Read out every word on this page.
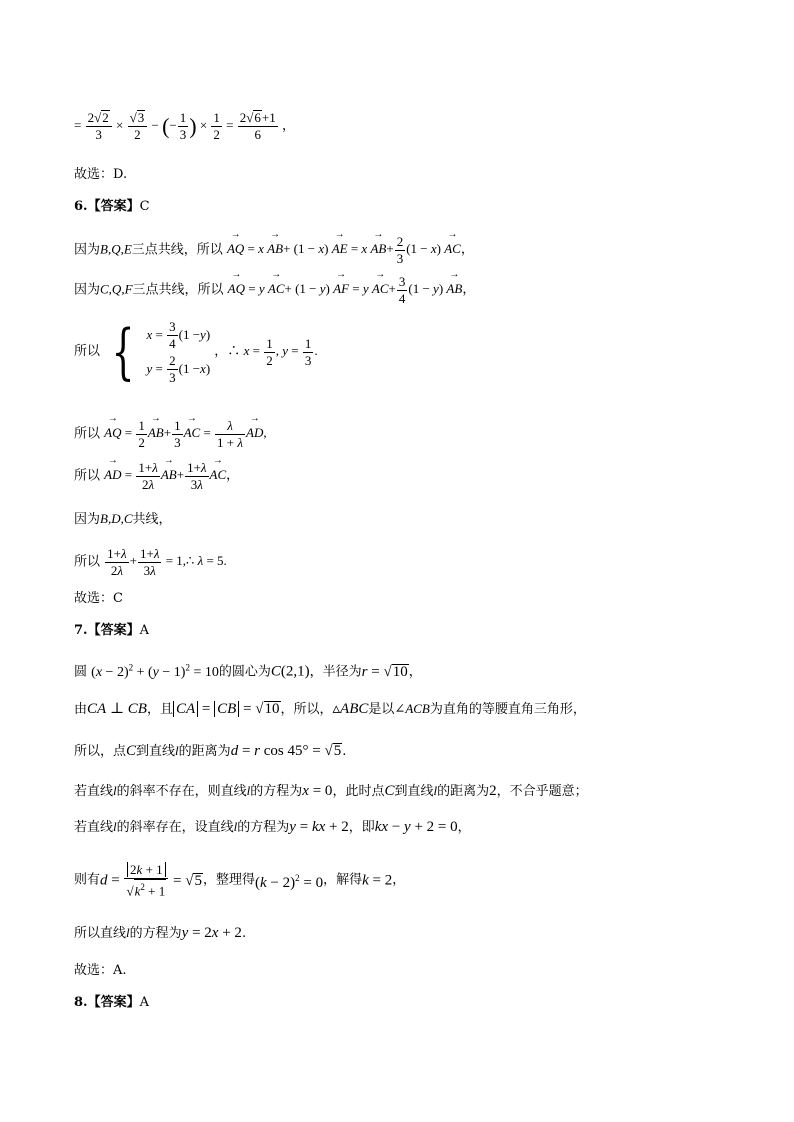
= $\frac{2√2}{3} \times \frac{√3}{2}$ − (− $\frac{1}{3}$ ) × $\frac{1}{2} = \frac{2√6+1}{6}$ ，
故选：D.
6.【答案】C
因为B,Q,E三点共线，所以 → AQ = x → AB+ (1 − x) → AE = $x \to AB+ \frac{2}{3} (1 - x)$ → AC，
因为C,Q,F三点共线，所以 → AQ = y → AC+ (1 − y) → AF = $y \to AC+ \frac{3}{4} (1 - y)$ → AB，
所以 { $x = \frac{3}{4} (1 - y$ )
$y = \frac{2}{3} (1 - x$ )
，∴ $x = \frac{1}{2}$ , $y = \frac{1}{3}$ .
所以 → AQ = $\frac{1}{2}$
→ $AB+ \frac{1}{3}$
→ AC = $\frac{\lambda}{1 + \lambda}$
→ AD,
所以 → AD = $\frac{1+\lambda}{2\lambda}$
→ $AB+ \frac{1+\lambda}{3\lambda}$
→ AC，
因为B,D,C共线，
所以 $\frac{1+\lambda}{2\lambda} + \frac{1+\lambda}{3\lambda}$ = 1,∴ λ = 5.
故选：C
7.【答案】A
圆 $(x - 2)^2 + (y - 1)^2 = 10$的圆心为C(2,1)，半径为r = √10，
由CA ⊥ CB，且 CA = CB = √10，所以，▵ABC是以∠ACB为直角的等腰直角三角形，
所以，点C到直线l的距离为d = r cos 45° = √5.
若直线l的斜率不存在，则直线l的方程为x = 0，此时点C到直线l的距离为2，不合乎题意；
若直线l的斜率存在，设直线l的方程为y = kx + 2，即kx − y + 2 = 0，
则有$d = \frac{2k + 1}{√k^2 + 1} = √5$，整理得$(k - 2)^2 = 0$，解得k = 2，
所以直线l的方程为y = 2x + 2.
故选：A.
8.【答案】A
